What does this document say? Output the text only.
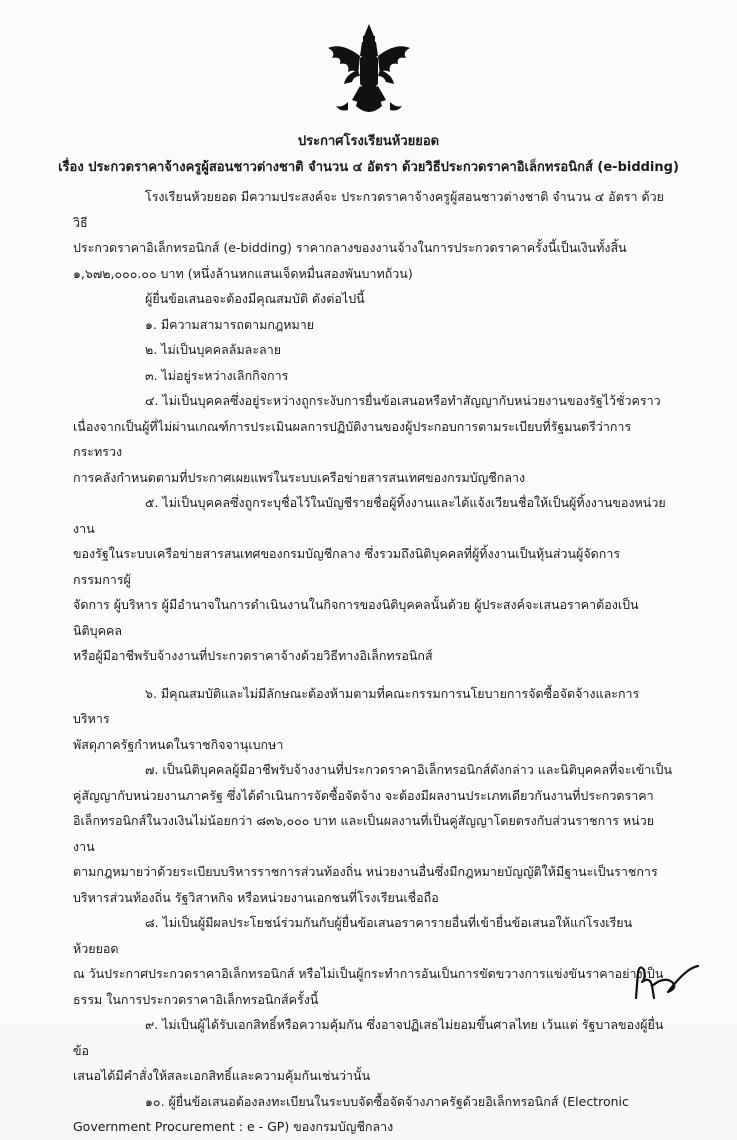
ประกาศโรงเรียนห้วยยอด
เรื่อง ประกวดราคาจ้างครูผู้สอนชาวต่างชาติ จำนวน ๔ อัตรา ด้วยวิธีประกวดราคาอิเล็กทรอนิกส์ (e-bidding)

โรงเรียนห้วยยอด มีความประสงค์จะ ประกวดราคาจ้างครูผู้สอนชาวต่างชาติ จำนวน ๔ อัตรา ด้วยวิธี

ประกวดราคาอิเล็กทรอนิกส์ (e-bidding) ราคากลางของงานจ้างในการประกวดราคาครั้งนี้เป็นเงินทั้งสิ้น

๑,๖๗๒,๐๐๐.๐๐ บาท (หนึ่งล้านหกแสนเจ็ดหมื่นสองพันบาทถ้วน)

ผู้ยื่นข้อเสนอจะต้องมีคุณสมบัติ ดังต่อไปนี้

๑. มีความสามารถตามกฎหมาย

๒. ไม่เป็นบุคคลล้มละลาย

๓. ไม่อยู่ระหว่างเลิกกิจการ

๔. ไม่เป็นบุคคลซึ่งอยู่ระหว่างถูกระงับการยื่นข้อเสนอหรือทำสัญญากับหน่วยงานของรัฐไว้ชั่วคราว

เนื่องจากเป็นผู้ที่ไม่ผ่านเกณฑ์การประเมินผลการปฏิบัติงานของผู้ประกอบการตามระเบียบที่รัฐมนตรีว่าการกระทรวง

การคลังกำหนดตามที่ประกาศเผยแพร่ในระบบเครือข่ายสารสนเทศของกรมบัญชีกลาง

๕. ไม่เป็นบุคคลซึ่งถูกระบุชื่อไว้ในบัญชีรายชื่อผู้ทิ้งงานและได้แจ้งเวียนชื่อให้เป็นผู้ทิ้งงานของหน่วยงาน

ของรัฐในระบบเครือข่ายสารสนเทศของกรมบัญชีกลาง ซึ่งรวมถึงนิติบุคคลที่ผู้ทิ้งงานเป็นหุ้นส่วนผู้จัดการ กรรมการผู้

จัดการ ผู้บริหาร ผู้มีอำนาจในการดำเนินงานในกิจการของนิติบุคคลนั้นด้วย ผู้ประสงค์จะเสนอราคาต้องเป็นนิติบุคคล

หรือผู้มีอาชีพรับจ้างงานที่ประกวดราคาจ้างด้วยวิธีทางอิเล็กทรอนิกส์

๖. มีคุณสมบัติและไม่มีลักษณะต้องห้ามตามที่คณะกรรมการนโยบายการจัดซื้อจัดจ้างและการบริหาร

พัสดุภาครัฐกำหนดในราชกิจจานุเบกษา

๗. เป็นนิติบุคคลผู้มีอาชีพรับจ้างงานที่ประกวดราคาอิเล็กทรอนิกส์ดังกล่าว และนิติบุคคลที่จะเข้าเป็น

คู่สัญญากับหน่วยงานภาครัฐ ซึ่งได้ดำเนินการจัดซื้อจัดจ้าง จะต้องมีผลงานประเภทเดียวกันงานที่ประกวดราคา

อิเล็กทรอนิกส์ในวงเงินไม่น้อยกว่า ๘๓๖,๐๐๐ บาท และเป็นผลงานที่เป็นคู่สัญญาโดยตรงกับส่วนราชการ หน่วยงาน

ตามกฎหมายว่าด้วยระเบียบบริหารราชการส่วนท้องถิ่น หน่วยงานอื่นซึ่งมีกฎหมายบัญญัติให้มีฐานะเป็นราชการ

บริหารส่วนท้องถิ่น รัฐวิสาหกิจ หรือหน่วยงานเอกชนที่โรงเรียนเชื่อถือ

๘. ไม่เป็นผู้มีผลประโยชน์ร่วมกันกับผู้ยื่นข้อเสนอราคารายอื่นที่เข้ายื่นข้อเสนอให้แก่โรงเรียนห้วยยอด

ณ วันประกาศประกวดราคาอิเล็กทรอนิกส์ หรือไม่เป็นผู้กระทำการอันเป็นการขัดขวางการแข่งขันราคาอย่างเป็น

ธรรม ในการประกวดราคาอิเล็กทรอนิกส์ครั้งนี้

๙. ไม่เป็นผู้ได้รับเอกสิทธิ์หรือความคุ้มกัน ซึ่งอาจปฏิเสธไม่ยอมขึ้นศาลไทย เว้นแต่ รัฐบาลของผู้ยื่นข้อ

เสนอได้มีคำสั่งให้สละเอกสิทธิ์และความคุ้มกันเช่นว่านั้น

๑๐. ผู้ยื่นข้อเสนอต้องลงทะเบียนในระบบจัดซื้อจัดจ้างภาครัฐด้วยอิเล็กทรอนิกส์ (Electronic

Government Procurement : e - GP) ของกรมบัญชีกลาง
